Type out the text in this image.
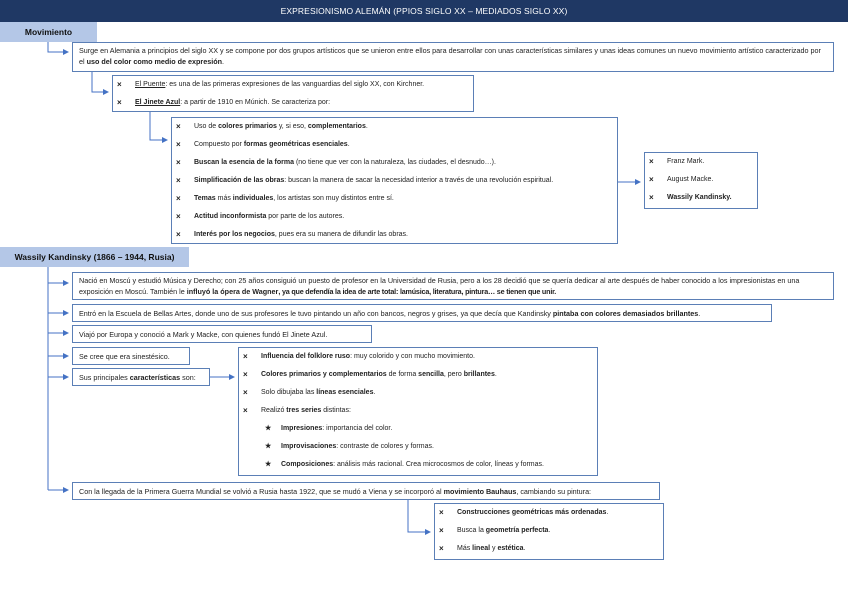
EXPRESIONISMO ALEMÁN (PPIOS SIGLO XX – MEDIADOS SIGLO XX)
Movimiento
Surge en Alemania a principios del siglo XX y se compone por dos grupos artísticos que se unieron entre ellos para desarrollar con unas características similares y unas ideas comunes un nuevo movimiento artístico caracterizado por el uso del color como medio de expresión.
× El Puente: es una de las primeras expresiones de las vanguardias del siglo XX, con Kirchner.
× El Jinete Azul: a partir de 1910 en Múnich. Se caracteriza por:
× Uso de colores primarios y, si eso, complementarios.
× Compuesto por formas geométricas esenciales.
× Buscan la esencia de la forma (no tiene que ver con la naturaleza, las ciudades, el desnudo…).
× Simplificación de las obras: buscan la manera de sacar la necesidad interior a través de una revolución espiritual.
× Temas más individuales, los artistas son muy distintos entre sí.
× Actitud inconformista por parte de los autores.
× Interés por los negocios, pues era su manera de difundir las obras.
× Franz Mark.
× August Macke.
× Wassily Kandinsky.
Wassily Kandinsky (1866 – 1944, Rusia)
Nació en Moscú y estudió Música y Derecho; con 25 años consiguió un puesto de profesor en la Universidad de Rusia, pero a los 28 decidió que se quería dedicar al arte después de haber conocido a los impresionistas en una exposición en Moscú. También le influyó la ópera de Wagner, ya que defendía la idea de arte total: lamúsica, literatura, pintura… se tienen que unir.
Entró en la Escuela de Bellas Artes, donde uno de sus profesores le tuvo pintando un año con bancos, negros y grises, ya que decía que Kandinsky pintaba con colores demasiados brillantes.
Viajó por Europa y conoció a Mark y Macke, con quienes fundó El Jinete Azul.
Se cree que era sinestésico.
Sus principales características son:
× Influencia del folklore ruso: muy colorido y con mucho movimiento.
× Colores primarios y complementarios de forma sencilla, pero brillantes.
× Solo dibujaba las líneas esenciales.
× Realizó tres series distintas:
★ Impresiones: importancia del color.
★ Improvisaciones: contraste de colores y formas.
★ Composiciones: análisis más racional. Crea microcosmos de color, líneas y formas.
Con la llegada de la Primera Guerra Mundial se volvió a Rusia hasta 1922, que se mudó a Viena y se incorporó al movimiento Bauhaus, cambiando su pintura:
× Construcciones geométricas más ordenadas.
× Busca la geometría perfecta.
× Más lineal y estética.
